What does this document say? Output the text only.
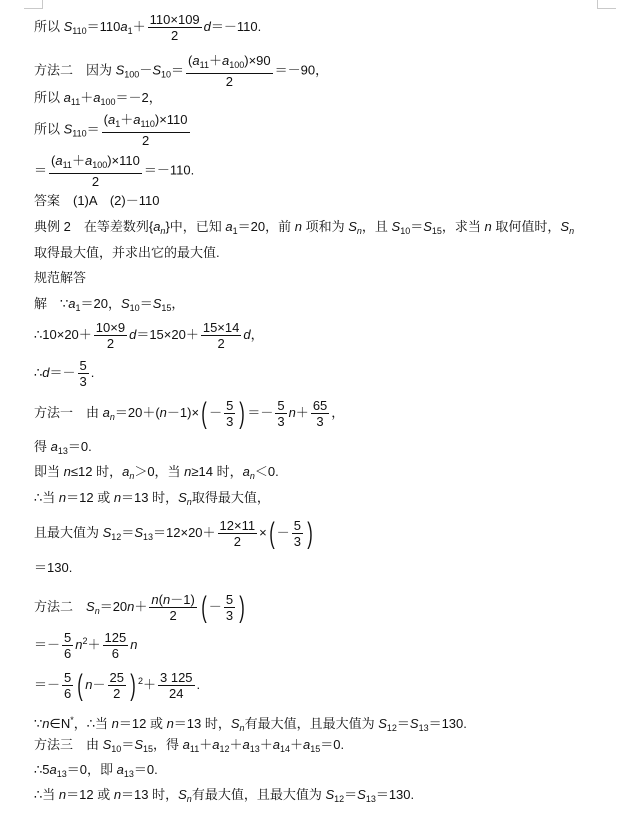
所以 $S_{110}=110a_1+ \frac{110\times 109}{2} d=-110$.
方法二　因为 $S_{100}-S_{10}= \frac{(a_{11}+a_{100})\times 90}{2} =-90$，
所以 $a_{11}+a_{100}=-2$，
所以 $S_{110}= \frac{(a_1+a_{110})\times 110}{2}$
＝ $\frac{(a_{11}+a_{100})\times 110}{2} =-110$.
答案　(1)A　(2)－110
典例 2　在等差数列$\{a_n\}$中，已知 $a_1=20$，前 n 项和为 $S_n$，且 $S_{10}=S_{15}$，求当 n 取何值时，$S_n$
取得最大值，并求出它的最大值.
规范解答
解　$\because a_1=20$，$S_{10}=S_{15}$，
∴10×20＋ $\frac{10\times 9}{2} d=15\times 20+ \frac{15\times 14}{2}$ d，
∴d＝－ $\frac{5}{3}$ .
方法一　由 $a_n=20+(n-1)\times( - \frac{5}{3}$ ) ＝－ $\frac{5}{3} n+ \frac{65}{3}$ ，
得 $a_{13}=0$.
即当 n≤12 时，$a_n>0$，当 n≥14 时，$a_n<0$.
∴当 n＝12 或 n＝13 时，$S_n$取得最大值，
且最大值为 $S_{12}=S_{13}=12\times 20+ \frac{12\times 11}{2}$ ×( － $\frac{5}{3}$ )
＝130.
方法二　$S_n=20n+ \frac{n(n-1)}{2}$ ( － $\frac{5}{3}$ )
＝－ $\frac{5}{6} n^2+ \frac{125}{6}$ n
＝－ $\frac{5}{6}$ ( $n- \frac{25}{2}$ ) $^2+ \frac{3 125}{24}$ .
∵n∈N*，∴当 n＝12 或 n＝13 时，$S_n$有最大值，且最大值为 $S_{12}=S_{13}=130$.
方法三　由 $S_{10}=S_{15}$，得 $a_{11}+a_{12}+a_{13}+a_{14}+a_{15}=0$.
$\therefore 5a_{13}=0$，即 $a_{13}=0$.
∴当 n＝12 或 n＝13 时，$S_n$有最大值，且最大值为 $S_{12}=S_{13}=130$.
